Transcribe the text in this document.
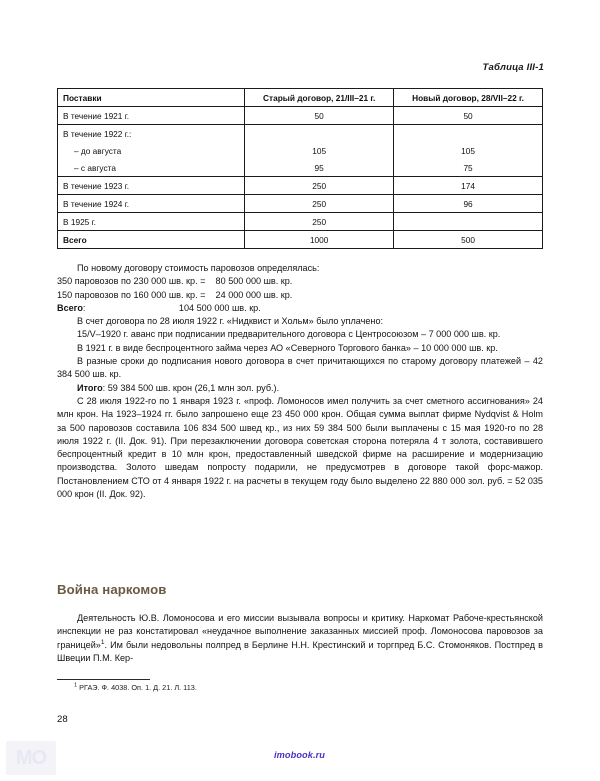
Таблица III-1
Поставки	Старый договор, 21/III–21 г.	Новый договор, 28/VII–22 г.
В течение 1921 г.	50	50
В течение 1922 г.:		
– до августа	105	105
– с августа	95	75
В течение 1923 г.	250	174
В течение 1924 г.	250	96
В 1925 г.	250	
Всего	1000	500

По новому договору стоимость паровозов определялась:

350 паровозов по 230 000 шв. кр. =    80 500 000 шв. кр.

150 паровозов по 160 000 шв. кр. =    24 000 000 шв. кр.

Всего:                                     104 500 000 шв. кр.

В счет договора по 28 июля 1922 г. «Нидквист и Хольм» было уплачено:

15/V–1920 г. аванс при подписании предварительного договора с Центросоюзом – 7 000 000 шв. кр.

В 1921 г. в виде беспроцентного займа через АО «Северного Торгового банка» – 10 000 000 шв. кр.

В разные сроки до подписания нового договора в счет причитающихся по старому договору платежей – 42 384 500 шв. кр.

Итого: 59 384 500 шв. крон (26,1 млн зол. руб.).

С 28 июля 1922-го по 1 января 1923 г. «проф. Ломоносов имел получить за счет сметного ассигнования» 24 млн крон. На 1923–1924 гг. было запрошено еще 23 450 000 крон. Общая сумма выплат фирме Nydqvist & Holm за 500 паровозов составила 106 834 500 швед кр., из них 59 384 500 были выплачены с 15 мая 1920-го по 28 июля 1922 г. (II. Док. 91). При перезаключении договора советская сторона потеряла 4 т золота, составившего беспроцентный кредит в 10 млн крон, предоставленный шведской фирме на расширение и модернизацию производства. Золото шведам попросту подарили, не предусмотрев в договоре такой форс-мажор. Постановлением СТО от 4 января 1922 г. на расчеты в текущем году было выделено 22 880 000 зол. руб. = 52 035 000 крон (II. Док. 92).

Война наркомов

Деятельность Ю.В. Ломоносова и его миссии вызывала вопросы и критику. Наркомат Рабоче-крестьянской инспекции не раз констатировал «неудачное выполнение заказанных миссией проф. Ломоносова паровозов за границей»$^1$. Им были недовольны полпред в Берлине Н.Н. Крестинский и торгпред Б.С. Стомоняков. Постпред в Швеции П.М. Кер-

$^1$ РГАЭ. Ф. 4038. Оп. 1. Д. 21. Л. 113.
28
MO	imobook.ru
